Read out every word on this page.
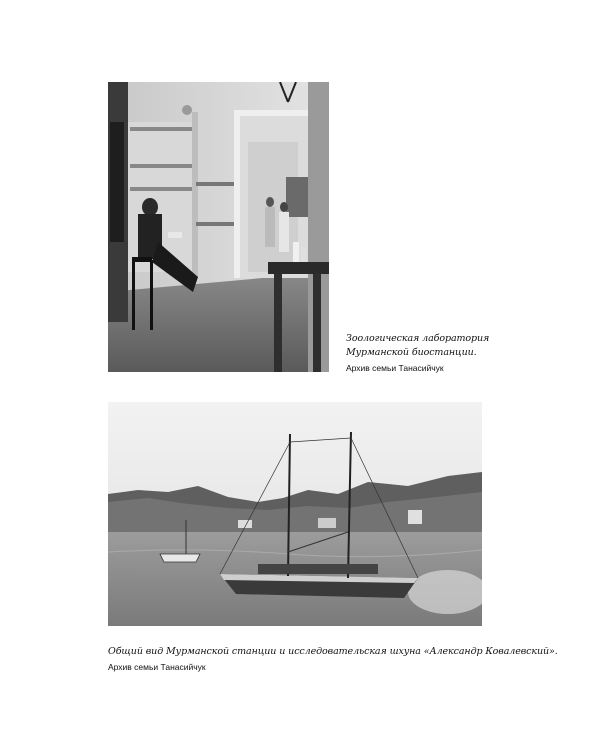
Зоологическая лаборатория
Мурманской биостанции.
Архив семьи Танасийчук
Общий вид Мурманской станции и исследовательская шхуна «Александр Ковалевский».
Архив семьи Танасийчук
